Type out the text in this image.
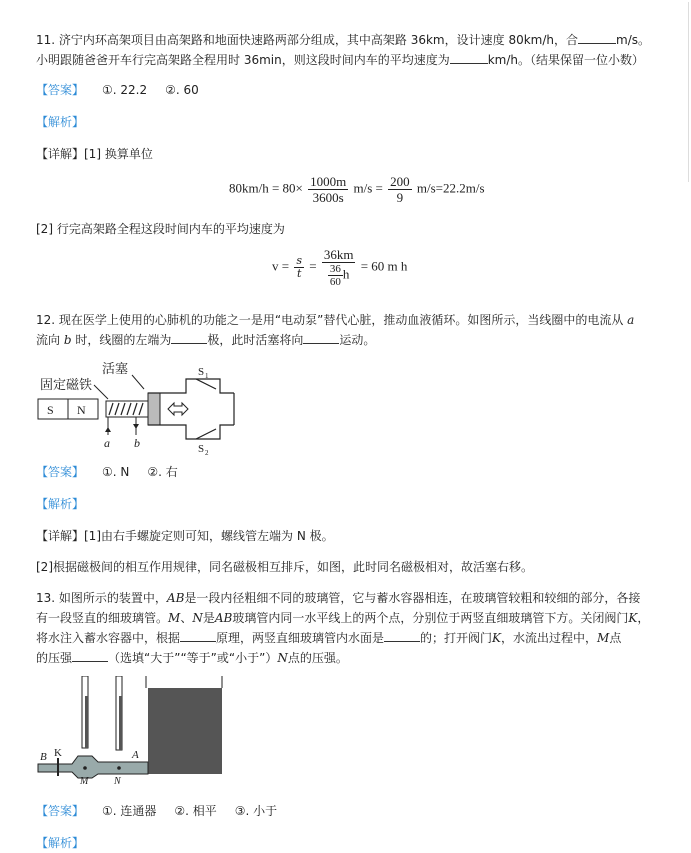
11. 济宁内环高架项目由高架路和地面快速路两部分组成，其中高架路 36km，设计速度 80km/h，合	m/s。
小明跟随爸爸开车行完高架路全程用时 36min，则这段时间内车的平均速度为	km/h。（结果保留一位小数）
【答案】 ①. 22.2 ②. 60
【解析】
【详解】[1] 换算单位
$80km/h = 80\times \frac{1000m}{3600s} m/s = \frac{200}{9} m/s=22.2m/s$
[2] 行完高架路全程这段时间内车的平均速度为
$v = \frac{s}{t} = \frac{36km}{\frac{36}{60} h} = 60$ m h
12. 现在医学上使用的心肺机的功能之一是用“电动泵”替代心脏，推动血液循环。如图所示，当线圈中的电流从 a
流向 b 时，线圈的左端为	极，此时活塞将向	运动。
固定磁铁
活塞
S N
S 1
S 2
a b
【答案】 ①. N ②. 右
【解析】
【详解】[1]由右手螺旋定则可知，螺线管左端为 N 极。
[2]根据磁极间的相互作用规律，同名磁极相互排斥，如图，此时同名磁极相对，故活塞右移。
13. 如图所示的装置中，AB是一段内径粗细不同的玻璃管，它与蓄水容器相连，在玻璃管较粗和较细的部分，各接
有一段竖直的细玻璃管。M、N是AB玻璃管内同一水平线上的两个点，分别位于两竖直细玻璃管下方。关闭阀门K，
将水注入蓄水容器中，根据	原理，两竖直细玻璃管内水面是	的；打开阀门K，水流出过程中，M点
的压强	（选填“大于”“等于”或“小于”）N点的压强。
B K	A
M	N
【答案】 ①. 连通器 ②. 相平 ③. 小于
【解析】
